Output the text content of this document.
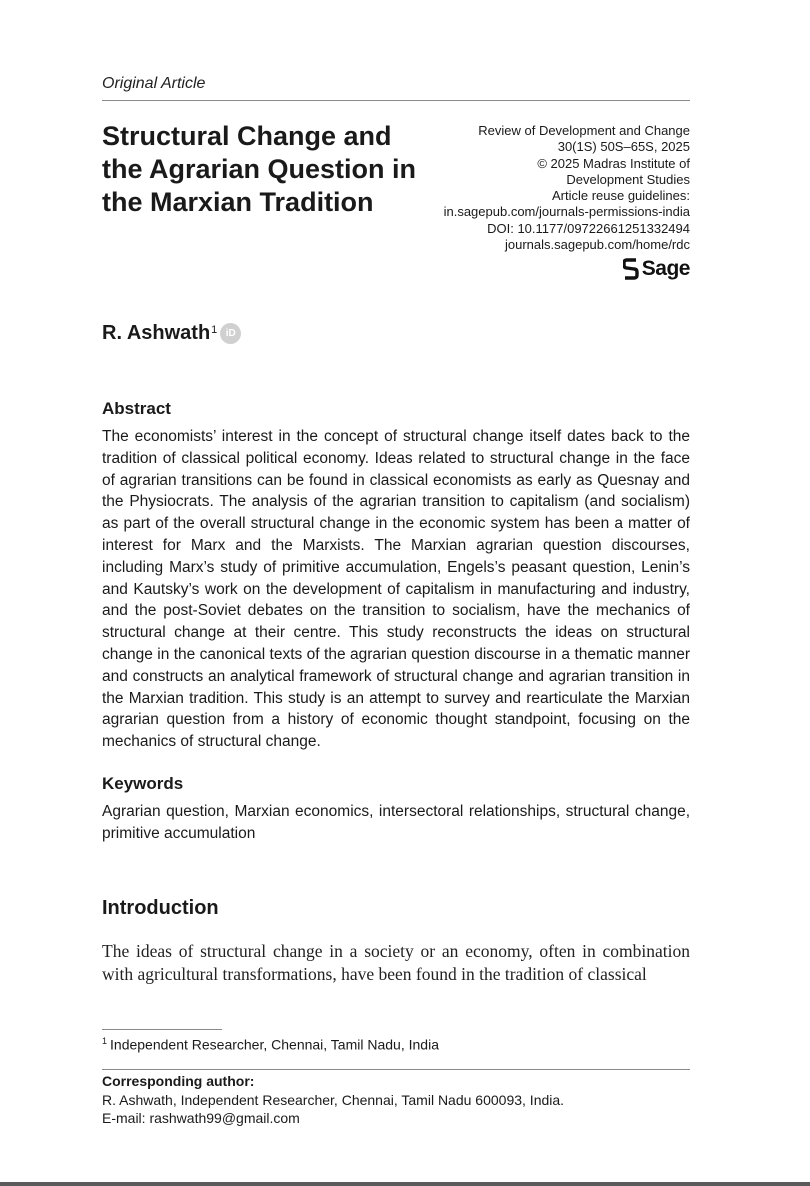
Original Article
Structural Change and the Agrarian Question in the Marxian Tradition
Review of Development and Change
30(1S) 50S–65S, 2025
© 2025 Madras Institute of
Development Studies
Article reuse guidelines:
in.sagepub.com/journals-permissions-india
DOI: 10.1177/09722661251332494
journals.sagepub.com/home/rdc
Sage
R. Ashwath 1 iD
Abstract
The economists’ interest in the concept of structural change itself dates back to the tradition of classical political economy. Ideas related to structural change in the face of agrarian transitions can be found in classical economists as early as Quesnay and the Physiocrats. The analysis of the agrarian transition to capitalism (and socialism) as part of the overall structural change in the economic system has been a matter of interest for Marx and the Marxists. The Marxian agrarian question discourses, including Marx’s study of primitive accumulation, Engels’s peasant question, Lenin’s and Kautsky’s work on the development of capitalism in manufacturing and industry, and the post-Soviet debates on the transition to socialism, have the mechanics of structural change at their centre. This study reconstructs the ideas on structural change in the canonical texts of the agrarian question discourse in a thematic manner and constructs an analytical framework of structural change and agrarian transition in the Marxian tradition. This study is an attempt to survey and rearticulate the Marxian agrarian question from a history of economic thought standpoint, focusing on the mechanics of structural change.
Keywords
Agrarian question, Marxian economics, intersectoral relationships, structural change, primitive accumulation
Introduction
The ideas of structural change in a society or an economy, often in combination with agricultural transformations, have been found in the tradition of classical
$^1$ Independent Researcher, Chennai, Tamil Nadu, India
Corresponding author:
R. Ashwath, Independent Researcher, Chennai, Tamil Nadu 600093, India.
E-mail: rashwath99@gmail.com
